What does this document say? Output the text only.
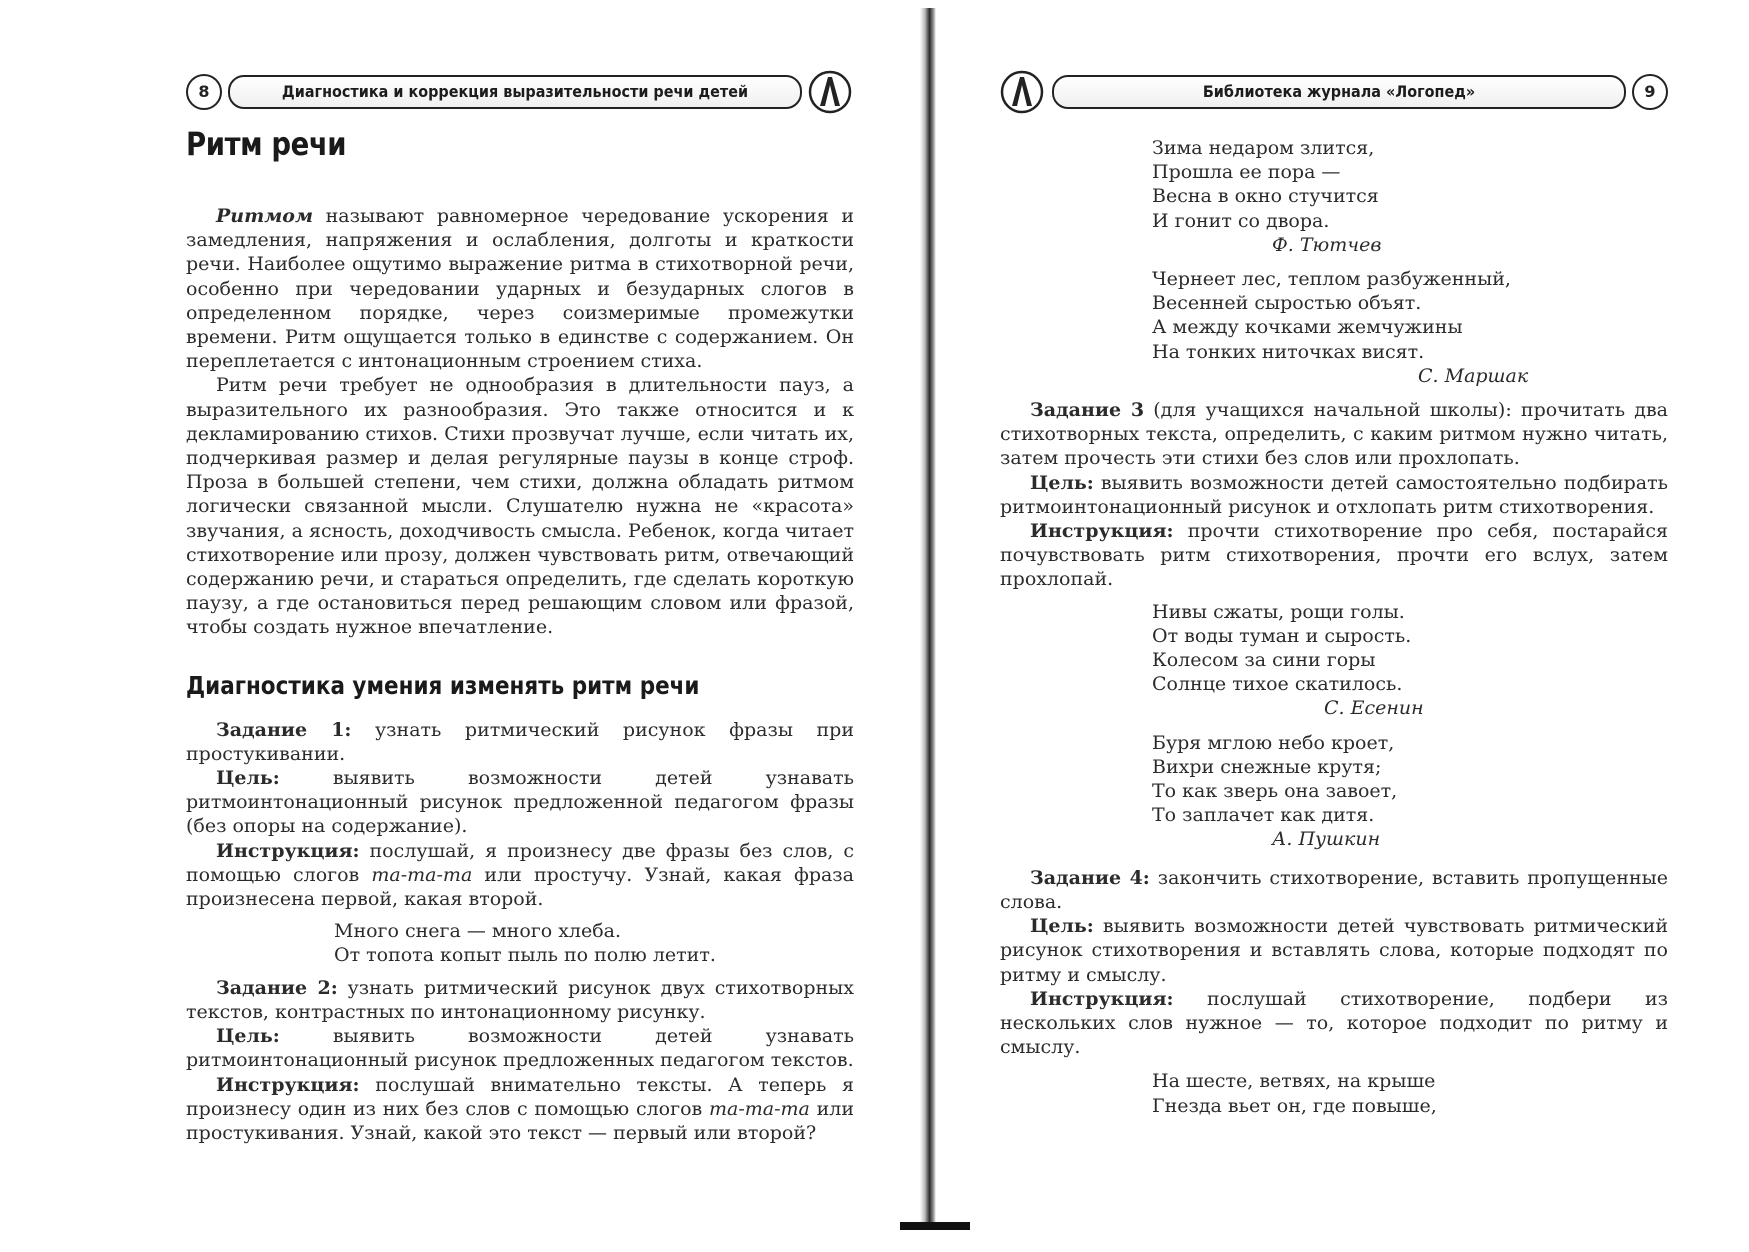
8	Диагностика и коррекция выразительности речи детей
Ритм речи

Ритмом называют равномерное чередование ускорения и замедления, напряжения и ослабления, долготы и краткости речи. Наиболее ощутимо выражение ритма в стихотворной речи, особенно при чередовании ударных и безударных слогов в определенном порядке, через соизмеримые промежутки времени. Ритм ощущается только в единстве с содержанием. Он переплетается с интонационным строением стиха.

Ритм речи требует не однообразия в длительности пауз, а выразительного их разнообразия. Это также относится и к декламированию стихов. Стихи прозвучат лучше, если читать их, подчеркивая размер и делая регулярные паузы в конце строф. Проза в большей степени, чем стихи, должна обладать ритмом логически связанной мысли. Слушателю нужна не «красота» звучания, а ясность, доходчивость смысла. Ребенок, когда читает стихотворение или прозу, должен чувствовать ритм, отвечающий содержанию речи, и стараться определить, где сделать короткую паузу, а где остановиться перед решающим словом или фразой, чтобы создать нужное впечатление.

Диагностика умения изменять ритм речи

Задание 1: узнать ритмический рисунок фразы при простукивании.

Цель: выявить возможности детей узнавать ритмоинтонационный рисунок предложенной педагогом фразы (без опоры на содержание).

Инструкция: послушай, я произнесу две фразы без слов, с помощью слогов та-та-та или простучу. Узнай, какая фраза произнесена первой, какая второй.

Много снега — много хлеба.
От топота копыт пыль по полю летит.

Задание 2: узнать ритмический рисунок двух стихотворных текстов, контрастных по интонационному рисунку.

Цель: выявить возможности детей узнавать ритмоинтонационный рисунок предложенных педагогом текстов.

Инструкция: послушай внимательно тексты. А теперь я произнесу один из них без слов с помощью слогов та-та-та или простукивания. Узнай, какой это текст — первый или второй?

Библиотека журнала «Логопед»	9
Зима недаром злится,
Прошла ее пора —
Весна в окно стучится
И гонит со двора.
Ф. Тютчев
Чернеет лес, теплом разбуженный,
Весенней сыростью объят.
А между кочками жемчужины
На тонких ниточках висят.
С. Маршак

Задание 3 (для учащихся начальной школы): прочитать два стихотворных текста, определить, с каким ритмом нужно читать, затем прочесть эти стихи без слов или прохлопать.

Цель: выявить возможности детей самостоятельно подбирать ритмоинтонационный рисунок и отхлопать ритм стихотворения.

Инструкция: прочти стихотворение про себя, постарайся почувствовать ритм стихотворения, прочти его вслух, затем прохлопай.

Нивы сжаты, рощи голы.
От воды туман и сырость.
Колесом за сини горы
Солнце тихое скатилось.
С. Есенин
Буря мглою небо кроет,
Вихри снежные крутя;
То как зверь она завоет,
То заплачет как дитя.
А. Пушкин

Задание 4: закончить стихотворение, вставить пропущенные слова.

Цель: выявить возможности детей чувствовать ритмический рисунок стихотворения и вставлять слова, которые подходят по ритму и смыслу.

Инструкция: послушай стихотворение, подбери из нескольких слов нужное — то, которое подходит по ритму и смыслу.

На шесте, ветвях, на крыше
Гнезда вьет он, где повыше,
